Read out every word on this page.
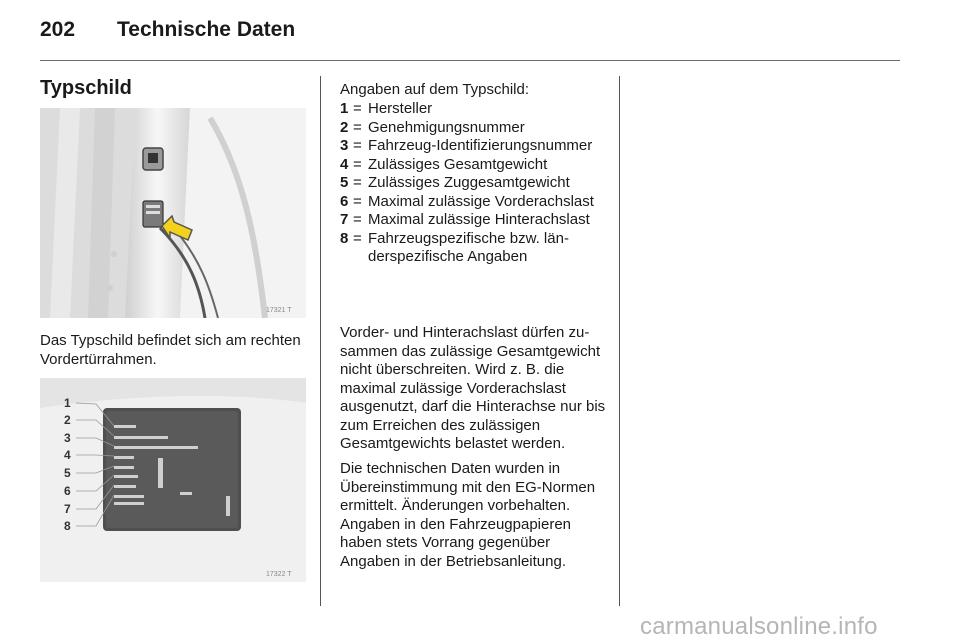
202 Technische Daten
Typschild
17321 T
Das Typschild befindet sich am rechten Vordertürrahmen.
1
2
3
4
5
6
7
8
17322 T
Angaben auf dem Typschild:
1 = Hersteller
2 = Genehmigungsnummer
3 = Fahrzeug-Identifizierungsnummer
4 = Zulässiges Gesamtgewicht
5 = Zulässiges Zuggesamtgewicht
6 = Maximal zulässige Vorderachslast
7 = Maximal zulässige Hinterachslast
8 = Fahrzeugspezifische bzw. länderspezifische Angaben

Vorder- und Hinterachslast dürfen zusammen das zulässige Gesamtgewicht nicht überschreiten. Wird z. B. die maximal zulässige Vorderachslast ausgenutzt, darf die Hinterachse nur bis zum Erreichen des zulässigen Gesamtgewichts belastet werden.

Die technischen Daten wurden in Übereinstimmung mit den EG-Normen ermittelt. Änderungen vorbehalten. Angaben in den Fahrzeugpapieren haben stets Vorrang gegenüber Angaben in der Betriebsanleitung.

carmanualsonline.info
